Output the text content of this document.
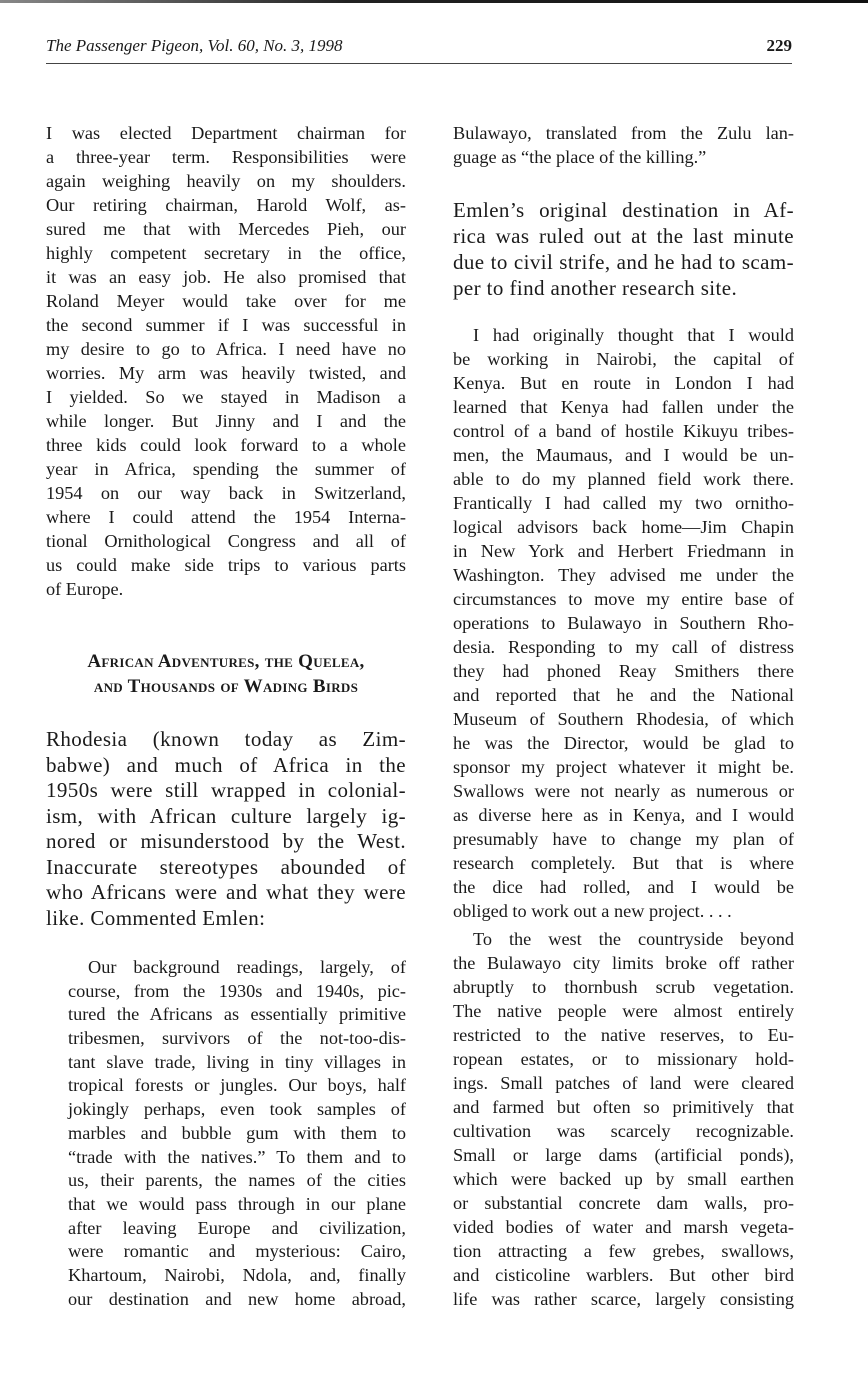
The Passenger Pigeon, Vol. 60, No. 3, 1998	229
I was elected Department chairman for
a three-year term. Responsibilities were
again weighing heavily on my shoulders.
Our retiring chairman, Harold Wolf, as-
sured me that with Mercedes Pieh, our
highly competent secretary in the office,
it was an easy job. He also promised that
Roland Meyer would take over for me
the second summer if I was successful in
my desire to go to Africa. I need have no
worries. My arm was heavily twisted, and
I yielded. So we stayed in Madison a
while longer. But Jinny and I and the
three kids could look forward to a whole
year in Africa, spending the summer of
1954 on our way back in Switzerland,
where I could attend the 1954 Interna-
tional Ornithological Congress and all of
us could make side trips to various parts
of Europe.
African Adventures, the Quelea,
and Thousands of Wading Birds
Rhodesia (known today as Zim-
babwe) and much of Africa in the
1950s were still wrapped in colonial-
ism, with African culture largely ig-
nored or misunderstood by the West.
Inaccurate stereotypes abounded of
who Africans were and what they were
like. Commented Emlen:
Our background readings, largely, of
course, from the 1930s and 1940s, pic-
tured the Africans as essentially primitive
tribesmen, survivors of the not-too-dis-
tant slave trade, living in tiny villages in
tropical forests or jungles. Our boys, half
jokingly perhaps, even took samples of
marbles and bubble gum with them to
“trade with the natives.” To them and to
us, their parents, the names of the cities
that we would pass through in our plane
after leaving Europe and civilization,
were romantic and mysterious: Cairo,
Khartoum, Nairobi, Ndola, and, finally
our destination and new home abroad,
Bulawayo, translated from the Zulu lan-
guage as “the place of the killing.”
Emlen’s original destination in Af-
rica was ruled out at the last minute
due to civil strife, and he had to scam-
per to find another research site.
I had originally thought that I would
be working in Nairobi, the capital of
Kenya. But en route in London I had
learned that Kenya had fallen under the
control of a band of hostile Kikuyu tribes-
men, the Maumaus, and I would be un-
able to do my planned field work there.
Frantically I had called my two ornitho-
logical advisors back home—Jim Chapin
in New York and Herbert Friedmann in
Washington. They advised me under the
circumstances to move my entire base of
operations to Bulawayo in Southern Rho-
desia. Responding to my call of distress
they had phoned Reay Smithers there
and reported that he and the National
Museum of Southern Rhodesia, of which
he was the Director, would be glad to
sponsor my project whatever it might be.
Swallows were not nearly as numerous or
as diverse here as in Kenya, and I would
presumably have to change my plan of
research completely. But that is where
the dice had rolled, and I would be
obliged to work out a new project. . . .
To the west the countryside beyond
the Bulawayo city limits broke off rather
abruptly to thornbush scrub vegetation.
The native people were almost entirely
restricted to the native reserves, to Eu-
ropean estates, or to missionary hold-
ings. Small patches of land were cleared
and farmed but often so primitively that
cultivation was scarcely recognizable.
Small or large dams (artificial ponds),
which were backed up by small earthen
or substantial concrete dam walls, pro-
vided bodies of water and marsh vegeta-
tion attracting a few grebes, swallows,
and cisticoline warblers. But other bird
life was rather scarce, largely consisting
